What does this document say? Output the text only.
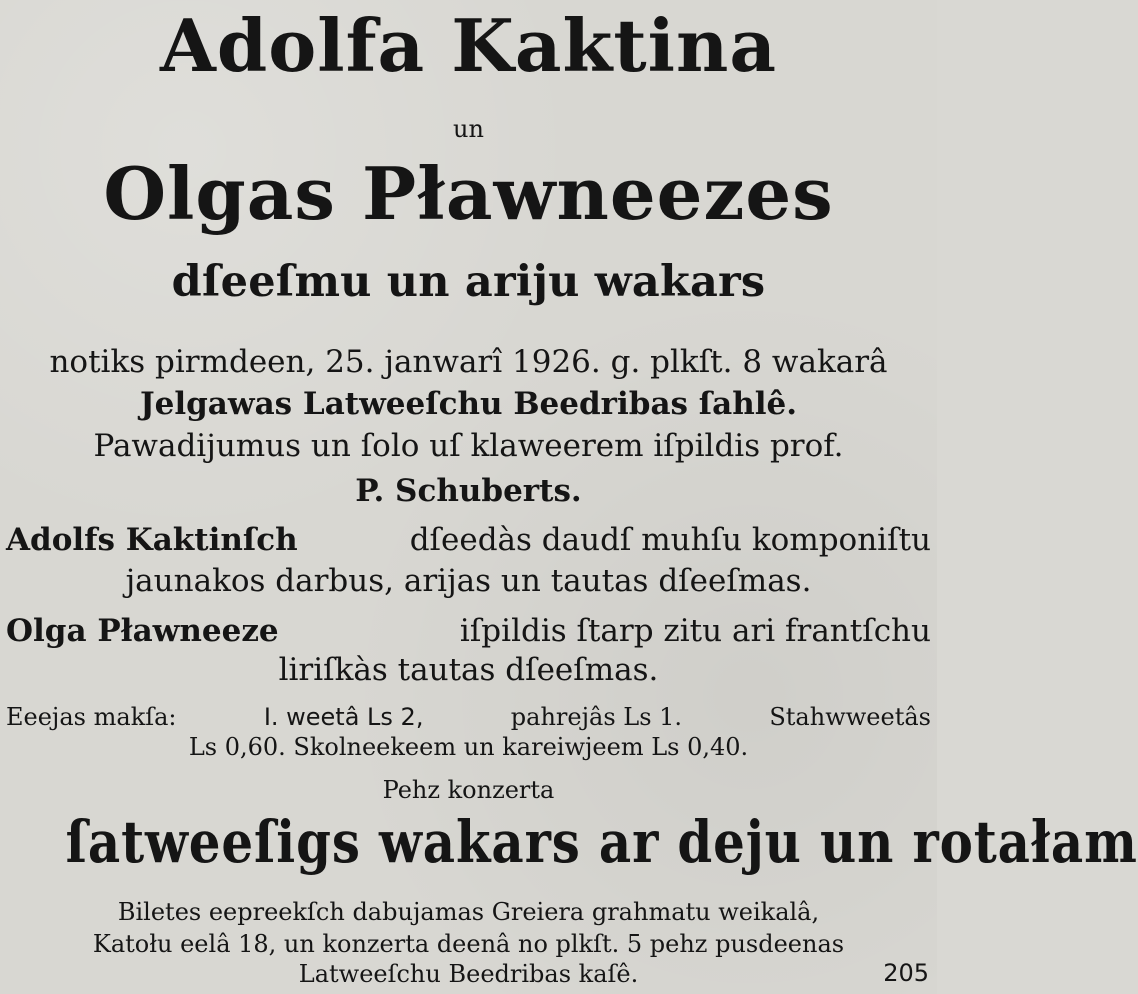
Adolfa Kaktina
un
Olgas Pławneezes
dſeeſmu un ariju wakars
notiks pirmdeen, 25. janwarî 1926. g. plkſt. 8 wakarâ
Jelgawas Latweeſchu Beedribas ſahlê.
Pawadijumus un ſolo uſ klaweerem iſpildis prof.
P. Schuberts.
Adolfs Kaktinſch	dſeedàs daudſ muhſu komponiſtu
jaunakos darbus, arijas un tautas dſeeſmas.
Olga Pławneeze	iſpildis ſtarp zitu ari frantſchu
liriſkàs tautas dſeeſmas.
Eeejas makſa:	I. weetâ Ls 2,	pahrejâs Ls 1.	Stahwweetâs
Ls 0,60. Skolneekeem un kareiwjeem Ls 0,40.
Pehz konzerta
ſatweeſigs wakars ar deju un rotałam
Biletes eepreekſch dabujamas Greiera grahmatu weikalâ,
Katołu eelâ 18, un konzerta deenâ no plkſt. 5 pehz pusdeenas
Latweeſchu Beedribas kaſê.	205
